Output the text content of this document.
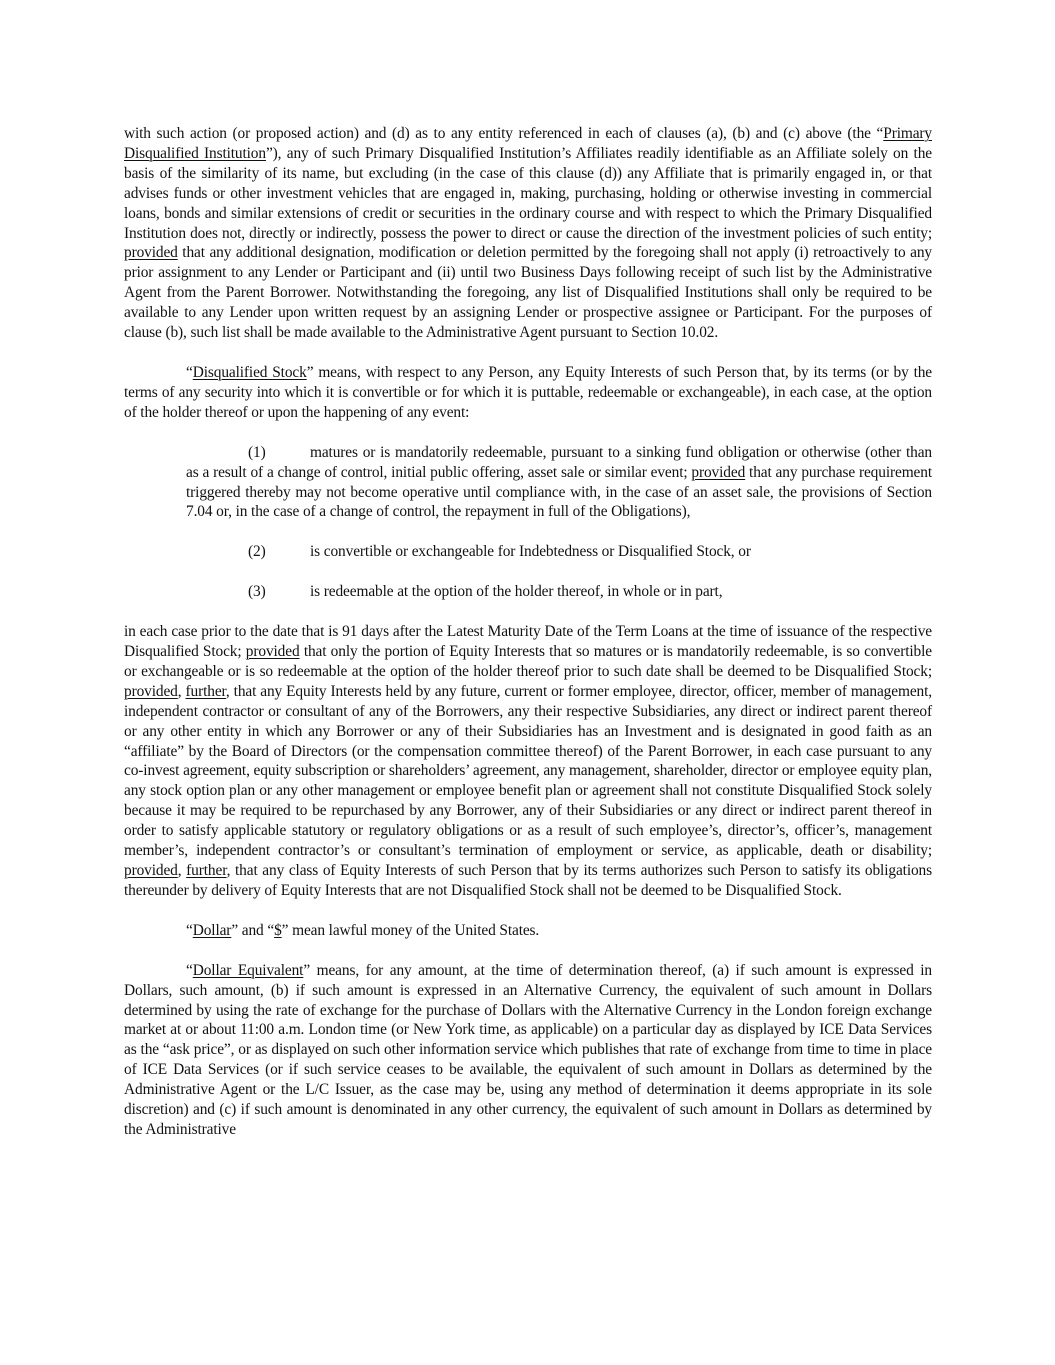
with such action (or proposed action) and (d) as to any entity referenced in each of clauses (a), (b) and (c) above (the “Primary Disqualified Institution”), any of such Primary Disqualified Institution’s Affiliates readily identifiable as an Affiliate solely on the basis of the similarity of its name, but excluding (in the case of this clause (d)) any Affiliate that is primarily engaged in, or that advises funds or other investment vehicles that are engaged in, making, purchasing, holding or otherwise investing in commercial loans, bonds and similar extensions of credit or securities in the ordinary course and with respect to which the Primary Disqualified Institution does not, directly or indirectly, possess the power to direct or cause the direction of the investment policies of such entity; provided that any additional designation, modification or deletion permitted by the foregoing shall not apply (i) retroactively to any prior assignment to any Lender or Participant and (ii) until two Business Days following receipt of such list by the Administrative Agent from the Parent Borrower. Notwithstanding the foregoing, any list of Disqualified Institutions shall only be required to be available to any Lender upon written request by an assigning Lender or prospective assignee or Participant. For the purposes of clause (b), such list shall be made available to the Administrative Agent pursuant to Section 10.02.

“Disqualified Stock” means, with respect to any Person, any Equity Interests of such Person that, by its terms (or by the terms of any security into which it is convertible or for which it is puttable, redeemable or exchangeable), in each case, at the option of the holder thereof or upon the happening of any event:

(1)	matures or is mandatorily redeemable, pursuant to a sinking fund obligation or otherwise (other than as a result of a change of control, initial public offering, asset sale or similar event; provided that any purchase requirement triggered thereby may not become operative until compliance with, in the case of an asset sale, the provisions of Section 7.04 or, in the case of a change of control, the repayment in full of the Obligations),

(2)	is convertible or exchangeable for Indebtedness or Disqualified Stock, or

(3)	is redeemable at the option of the holder thereof, in whole or in part,

in each case prior to the date that is 91 days after the Latest Maturity Date of the Term Loans at the time of issuance of the respective Disqualified Stock; provided that only the portion of Equity Interests that so matures or is mandatorily redeemable, is so convertible or exchangeable or is so redeemable at the option of the holder thereof prior to such date shall be deemed to be Disqualified Stock; provided, further, that any Equity Interests held by any future, current or former employee, director, officer, member of management, independent contractor or consultant of any of the Borrowers, any their respective Subsidiaries, any direct or indirect parent thereof or any other entity in which any Borrower or any of their Subsidiaries has an Investment and is designated in good faith as an “affiliate” by the Board of Directors (or the compensation committee thereof) of the Parent Borrower, in each case pursuant to any co-invest agreement, equity subscription or shareholders’ agreement, any management, shareholder, director or employee equity plan, any stock option plan or any other management or employee benefit plan or agreement shall not constitute Disqualified Stock solely because it may be required to be repurchased by any Borrower, any of their Subsidiaries or any direct or indirect parent thereof in order to satisfy applicable statutory or regulatory obligations or as a result of such employee’s, director’s, officer’s, management member’s, independent contractor’s or consultant’s termination of employment or service, as applicable, death or disability; provided, further, that any class of Equity Interests of such Person that by its terms authorizes such Person to satisfy its obligations thereunder by delivery of Equity Interests that are not Disqualified Stock shall not be deemed to be Disqualified Stock.

“Dollar” and “$” mean lawful money of the United States.

“Dollar Equivalent” means, for any amount, at the time of determination thereof, (a) if such amount is expressed in Dollars, such amount, (b) if such amount is expressed in an Alternative Currency, the equivalent of such amount in Dollars determined by using the rate of exchange for the purchase of Dollars with the Alternative Currency in the London foreign exchange market at or about 11:00 a.m. London time (or New York time, as applicable) on a particular day as displayed by ICE Data Services as the “ask price”, or as displayed on such other information service which publishes that rate of exchange from time to time in place of ICE Data Services (or if such service ceases to be available, the equivalent of such amount in Dollars as determined by the Administrative Agent or the L/C Issuer, as the case may be, using any method of determination it deems appropriate in its sole discretion) and (c) if such amount is denominated in any other currency, the equivalent of such amount in Dollars as determined by the Administrative
